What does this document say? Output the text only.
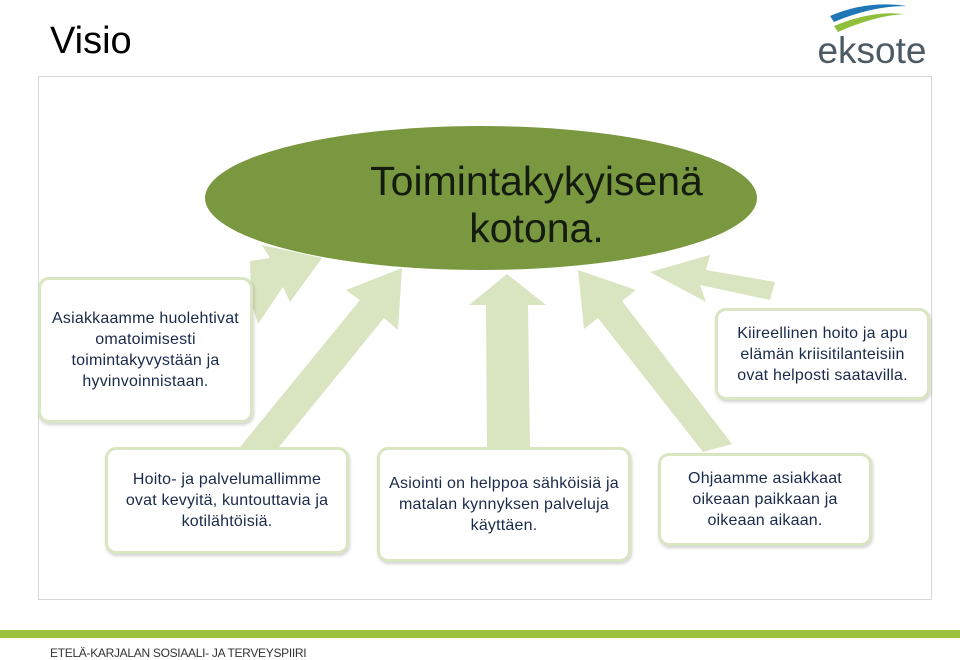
Visio	eksote
Toimintakykyisenä kotona.
Asiakkaamme huolehtivat omatoimisesti toimintakyvystään ja hyvinvoinnistaan.
Kiireellinen hoito ja apu elämän kriisitilanteisiin ovat helposti saatavilla.
Hoito- ja palvelumallimme ovat kevyitä, kuntouttavia ja kotilähtöisiä.
Asiointi on helppoa sähköisiä ja matalan kynnyksen palveluja käyttäen.
Ohjaamme asiakkaat oikeaan paikkaan ja oikeaan aikaan.
ETELÄ-KARJALAN SOSIAALI- JA TERVEYSPIIRI
